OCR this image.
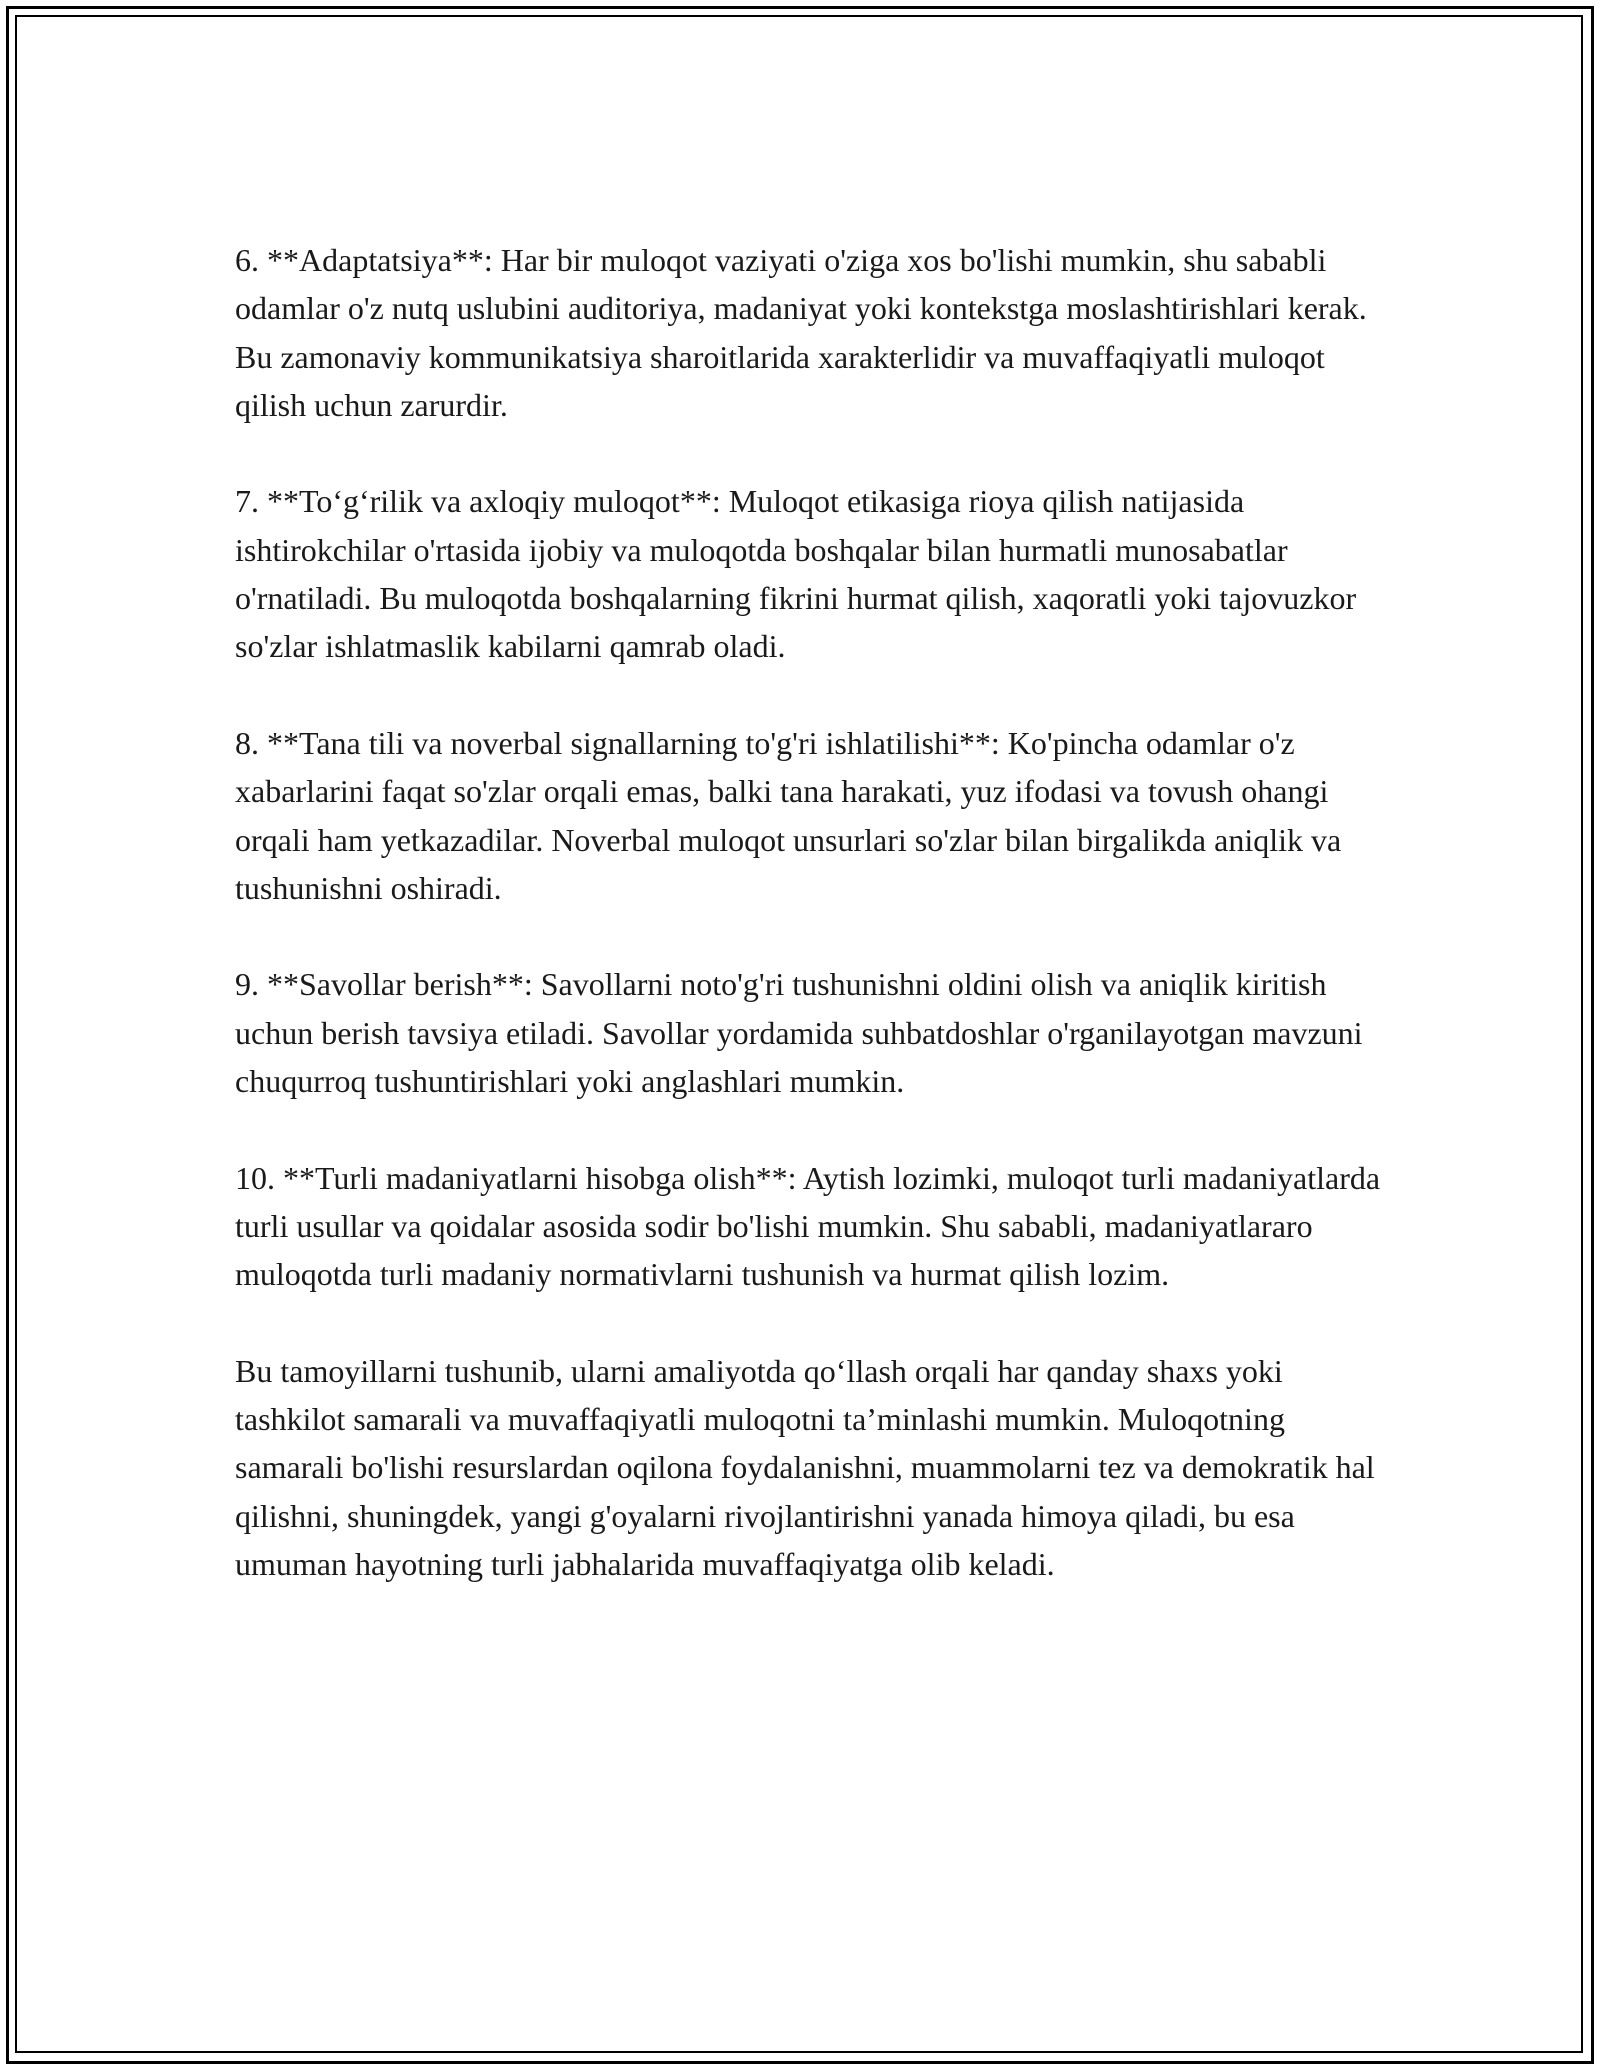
6. **Adaptatsiya**: Har bir muloqot vaziyati o'ziga xos bo'lishi mumkin, shu sababli odamlar o'z nutq uslubini auditoriya, madaniyat yoki kontekstga moslashtirishlari kerak. Bu zamonaviy kommunikatsiya sharoitlarida xarakterlidir va muvaffaqiyatli muloqot qilish uchun zarurdir.

7. **To‘g‘rilik va axloqiy muloqot**: Muloqot etikasiga rioya qilish natijasida ishtirokchilar o'rtasida ijobiy va muloqotda boshqalar bilan hurmatli munosabatlar o'rnatiladi. Bu muloqotda boshqalarning fikrini hurmat qilish, xaqoratli yoki tajovuzkor so'zlar ishlatmaslik kabilarni qamrab oladi.

8. **Tana tili va noverbal signallarning to'g'ri ishlatilishi**: Ko'pincha odamlar o'z xabarlarini faqat so'zlar orqali emas, balki tana harakati, yuz ifodasi va tovush ohangi orqali ham yetkazadilar. Noverbal muloqot unsurlari so'zlar bilan birgalikda aniqlik va tushunishni oshiradi.

9. **Savollar berish**: Savollarni noto'g'ri tushunishni oldini olish va aniqlik kiritish uchun berish tavsiya etiladi. Savollar yordamida suhbatdoshlar o'rganilayotgan mavzuni chuqurroq tushuntirishlari yoki anglashlari mumkin.

10. **Turli madaniyatlarni hisobga olish**: Aytish lozimki, muloqot turli madaniyatlarda turli usullar va qoidalar asosida sodir bo'lishi mumkin. Shu sababli, madaniyatlararo muloqotda turli madaniy normativlarni tushunish va hurmat qilish lozim.

Bu tamoyillarni tushunib, ularni amaliyotda qo‘llash orqali har qanday shaxs yoki tashkilot samarali va muvaffaqiyatli muloqotni ta’minlashi mumkin. Muloqotning samarali bo'lishi resurslardan oqilona foydalanishni, muammolarni tez va demokratik hal qilishni, shuningdek, yangi g'oyalarni rivojlantirishni yanada himoya qiladi, bu esa umuman hayotning turli jabhalarida muvaffaqiyatga olib keladi.
